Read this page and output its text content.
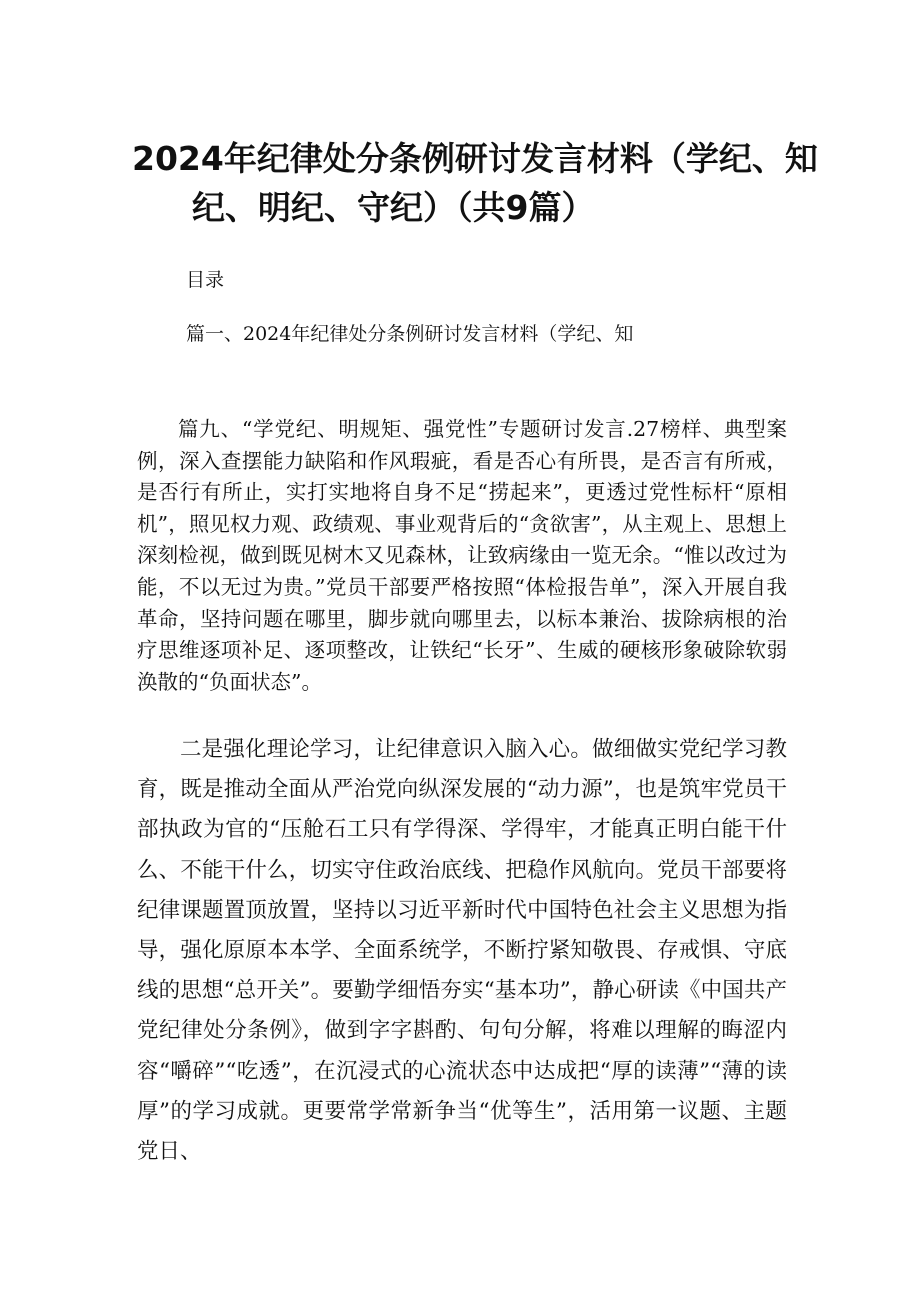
2024年纪律处分条例研讨发言材料（学纪、知
纪、明纪、守纪）（共9篇）
目录
篇一、2024年纪律处分条例研讨发言材料（学纪、知

篇九、“学党纪、明规矩、强党性”专题研讨发言.27榜样、典型案例，深入查摆能力缺陷和作风瑕疵，看是否心有所畏，是否言有所戒，是否行有所止，实打实地将自身不足“捞起来”，更透过党性标杆“原相机”，照见权力观、政绩观、事业观背后的“贪欲害”，从主观上、思想上深刻检视，做到既见树木又见森林，让致病缘由一览无余。“惟以改过为能，不以无过为贵。”党员干部要严格按照“体检报告单”，深入开展自我革命，坚持问题在哪里，脚步就向哪里去，以标本兼治、拔除病根的治疗思维逐项补足、逐项整改，让铁纪“长牙”、生威的硬核形象破除软弱涣散的“负面状态”。

二是强化理论学习，让纪律意识入脑入心。做细做实党纪学习教育，既是推动全面从严治党向纵深发展的“动力源”，也是筑牢党员干部执政为官的“压舱石工只有学得深、学得牢，才能真正明白能干什么、不能干什么，切实守住政治底线、把稳作风航向。党员干部要将纪律课题置顶放置，坚持以习近平新时代中国特色社会主义思想为指导，强化原原本本学、全面系统学，不断拧紧知敬畏、存戒惧、守底线的思想“总开关”。要勤学细悟夯实“基本功”，静心研读《中国共产党纪律处分条例》，做到字字斟酌、句句分解，将难以理解的晦涩内容“嚼碎”“吃透”，在沉浸式的心流状态中达成把“厚的读薄”“薄的读厚”的学习成就。更要常学常新争当“优等生”，活用第一议题、主题党日、
